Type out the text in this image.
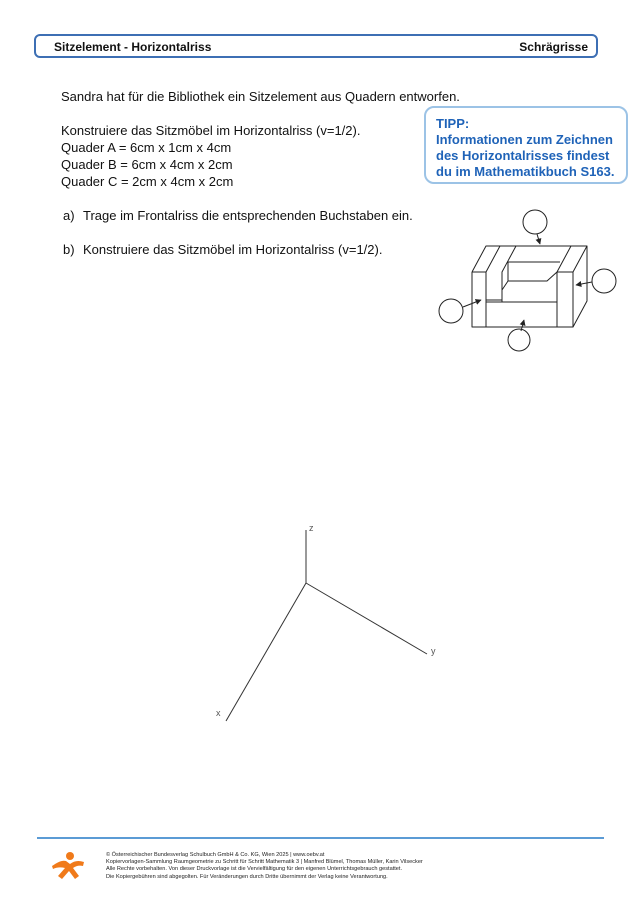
Sitzelement - Horizontalriss	Schrägrisse
Sandra hat für die Bibliothek ein Sitzelement aus Quadern entworfen.
Konstruiere das Sitzmöbel im Horizontalriss (v=1/2).
Quader A = 6cm x 1cm x 4cm
Quader B = 6cm x 4cm x 2cm
Quader C = 2cm x 4cm x 2cm
TIPP:
Informationen zum Zeichnen
des Horizontalrisses findest
du im Mathematikbuch S163.
a) Trage im Frontalriss die entsprechenden Buchstaben ein.
b) Konstruiere das Sitzmöbel im Horizontalriss (v=1/2).
z
y
x
© Österreichischer Bundesverlag Schulbuch GmbH & Co. KG, Wien 2025 | www.oebv.at
Kopiervorlagen-Sammlung Raumgeometrie zu Schritt für Schritt Mathematik 3 | Manfred Blümel, Thomas Müller, Karin Vilsecker
Alle Rechte vorbehalten. Von dieser Druckvorlage ist die Vervielfältigung für den eigenen Unterrichtsgebrauch gestattet.
Die Kopiergebühren sind abgegolten. Für Veränderungen durch Dritte übernimmt der Verlag keine Verantwortung.
